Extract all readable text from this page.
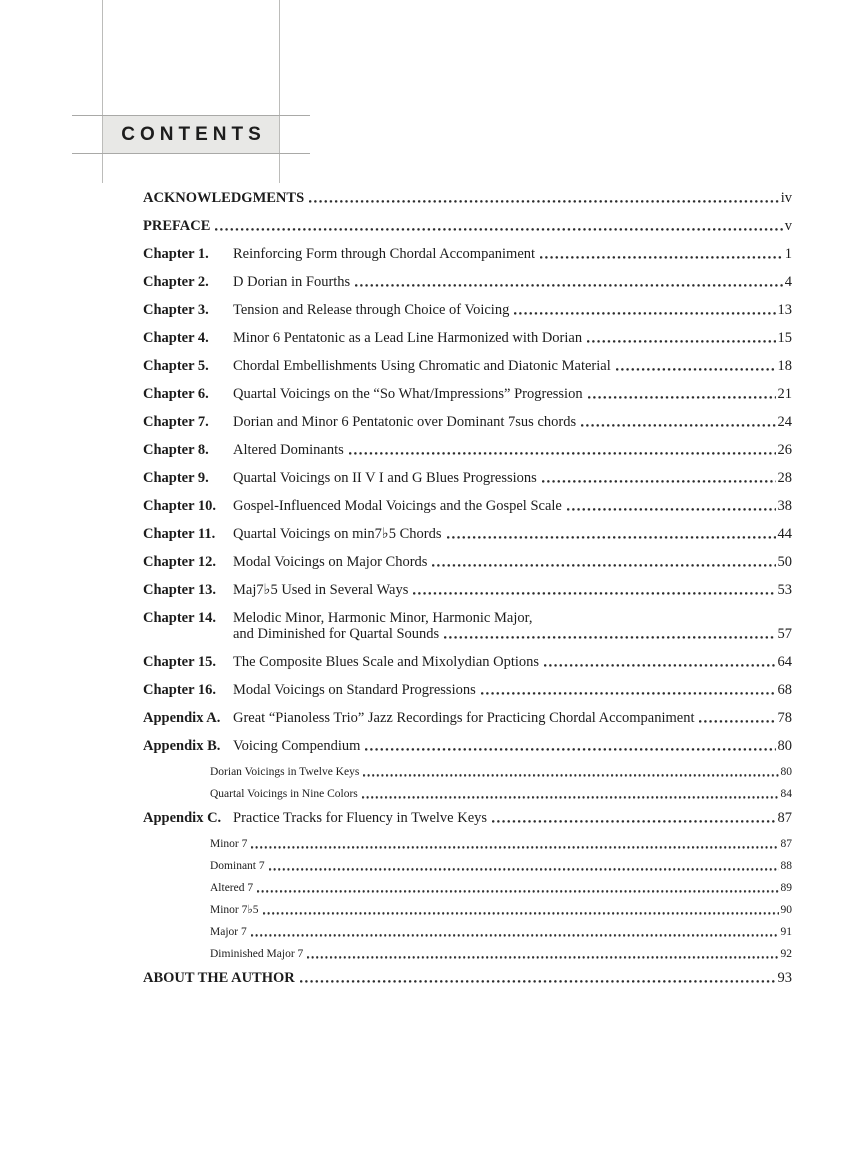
CONTENTS
ACKNOWLEDGMENTS	iv
PREFACE	v
Chapter 1.	Reinforcing Form through Chordal Accompaniment	1
Chapter 2.	D Dorian in Fourths	4
Chapter 3.	Tension and Release through Choice of Voicing	13
Chapter 4.	Minor 6 Pentatonic as a Lead Line Harmonized with Dorian	15
Chapter 5.	Chordal Embellishments Using Chromatic and Diatonic Material	18
Chapter 6.	Quartal Voicings on the “So What/Impressions” Progression	21
Chapter 7.	Dorian and Minor 6 Pentatonic over Dominant 7sus chords	24
Chapter 8.	Altered Dominants	26
Chapter 9.	Quartal Voicings on II V I and G Blues Progressions	28
Chapter 10.	Gospel-Influenced Modal Voicings and the Gospel Scale	38
Chapter 11.	Quartal Voicings on min7♭5 Chords	44
Chapter 12.	Modal Voicings on Major Chords	50
Chapter 13.	Maj7♭5 Used in Several Ways	53
Chapter 14.	Melodic Minor, Harmonic Minor, Harmonic Major,
and Diminished for Quartal Sounds	57
Chapter 15.	The Composite Blues Scale and Mixolydian Options	64
Chapter 16.	Modal Voicings on Standard Progressions	68
Appendix A. Great “Pianoless Trio” Jazz Recordings for Practicing Chordal Accompaniment	78
Appendix B. Voicing Compendium	80
Dorian Voicings in Twelve Keys	80
Quartal Voicings in Nine Colors	84
Appendix C. Practice Tracks for Fluency in Twelve Keys	87
Minor 7	87
Dominant 7	88
Altered 7	89
Minor 7♭5	90
Major 7	91
Diminished Major 7	92
ABOUT THE AUTHOR	93
